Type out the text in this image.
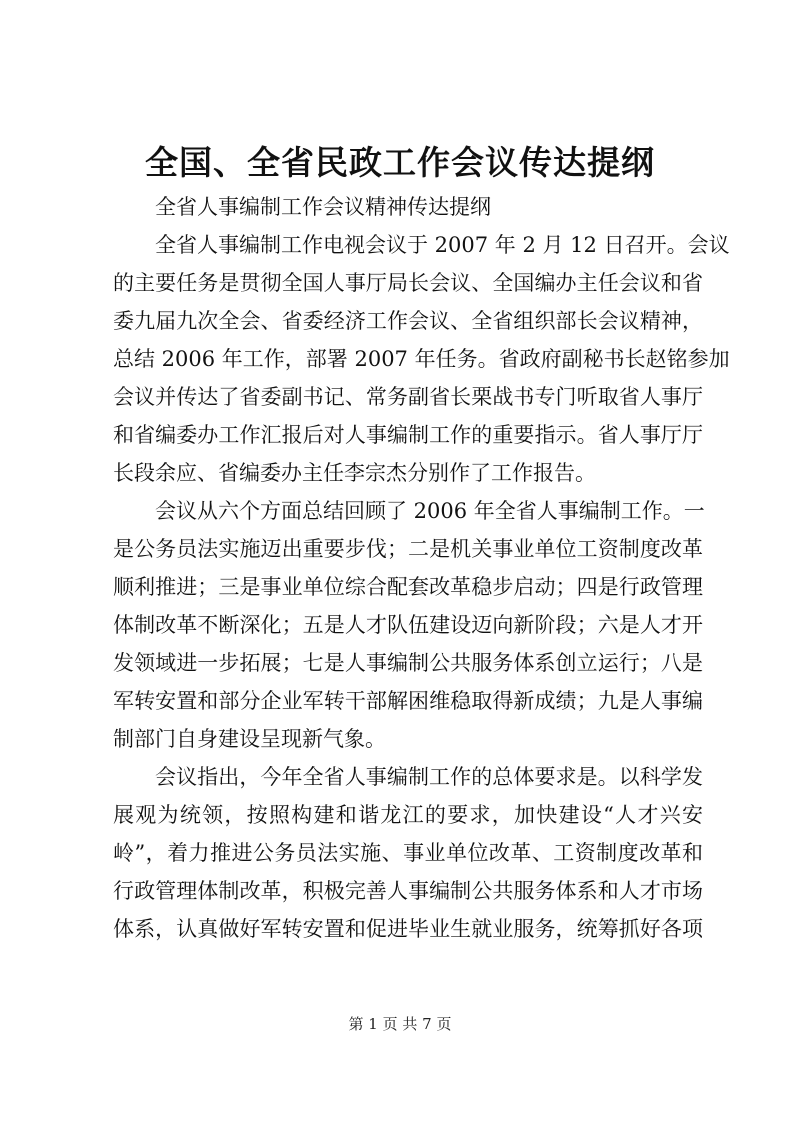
全国、全省民政工作会议传达提纲
全省人事编制工作会议精神传达提纲
全省人事编制工作电视会议于 2007 年 2 月 12 日召开。会议
的主要任务是贯彻全国人事厅局长会议、全国编办主任会议和省
委九届九次全会、省委经济工作会议、全省组织部长会议精神，
总结 2006 年工作，部署 2007 年任务。省政府副秘书长赵铭参加
会议并传达了省委副书记、常务副省长栗战书专门听取省人事厅
和省编委办工作汇报后对人事编制工作的重要指示。省人事厅厅
长段余应、省编委办主任李宗杰分别作了工作报告。
会议从六个方面总结回顾了 2006 年全省人事编制工作。一
是公务员法实施迈出重要步伐；二是机关事业单位工资制度改革
顺利推进；三是事业单位综合配套改革稳步启动；四是行政管理
体制改革不断深化；五是人才队伍建设迈向新阶段；六是人才开
发领域进一步拓展；七是人事编制公共服务体系创立运行；八是
军转安置和部分企业军转干部解困维稳取得新成绩；九是人事编
制部门自身建设呈现新气象。
会议指出，今年全省人事编制工作的总体要求是。以科学发
展观为统领，按照构建和谐龙江的要求，加快建设“人才兴安
岭”，着力推进公务员法实施、事业单位改革、工资制度改革和
行政管理体制改革，积极完善人事编制公共服务体系和人才市场
体系，认真做好军转安置和促进毕业生就业服务，统筹抓好各项
第 1 页 共 7 页
